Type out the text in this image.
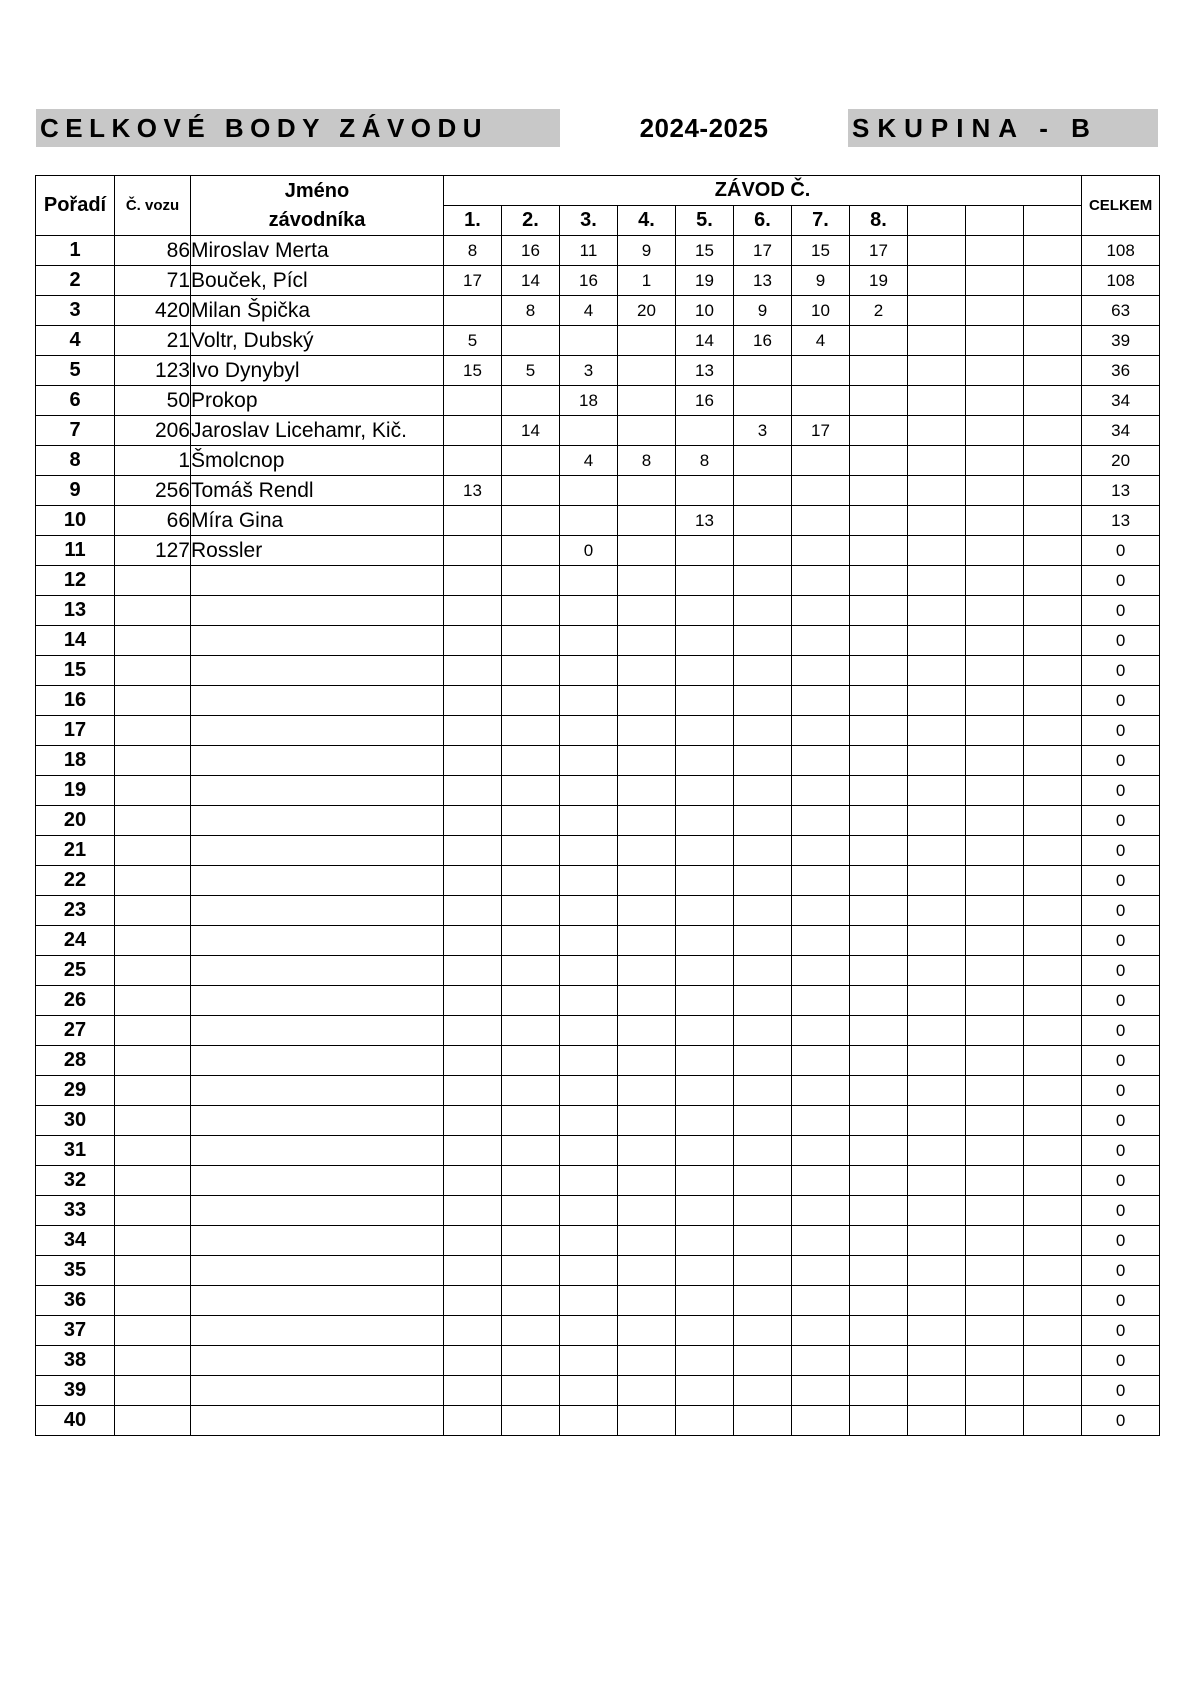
CELKOVÉ BODY ZÁVODU	2024-2025	SKUPINA - B
Pořadí	Č. vozu	Jméno
závodníka	ZÁVOD Č.											CELKEM
			1.	2.	3.	4.	5.	6.	7.	8.				
1	86	Miroslav Merta	8	16	11	9	15	17	15	17				108
2	71	Bouček, Pícl	17	14	16	1	19	13	9	19				108
3	420	Milan Špička		8	4	20	10	9	10	2				63
4	21	Voltr, Dubský	5				14	16	4					39
5	123	Ivo Dynybyl	15	5	3		13							36
6	50	Prokop			18		16							34
7	206	Jaroslav Licehamr, Kič.		14				3	17					34
8	1	Šmolcnop			4	8	8							20
9	256	Tomáš Rendl	13											13
10	66	Míra Gina					13							13
11	127	Rossler			0									0
12														0
13														0
14														0
15														0
16														0
17														0
18														0
19														0
20														0
21														0
22														0
23														0
24														0
25														0
26														0
27														0
28														0
29														0
30														0
31														0
32														0
33														0
34														0
35														0
36														0
37														0
38														0
39														0
40														0
